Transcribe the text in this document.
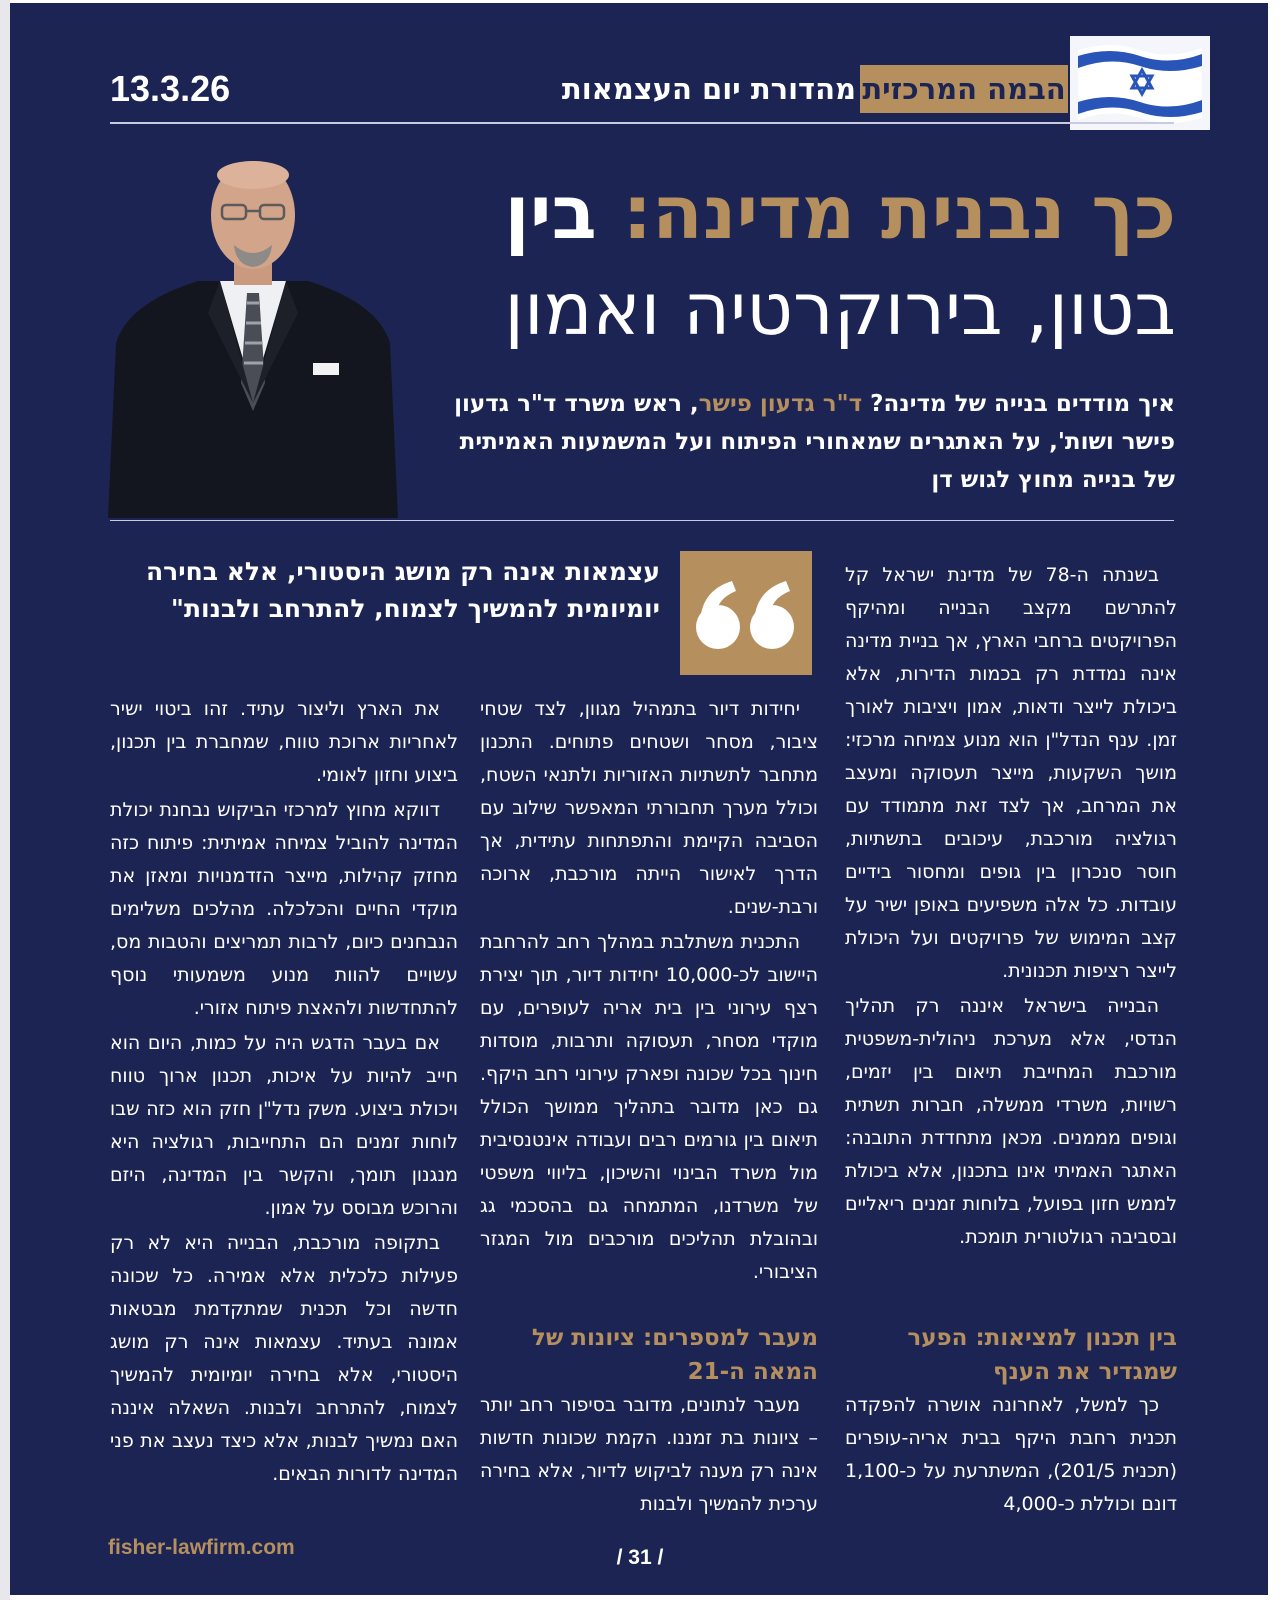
הבמה המרכזית
מהדורת יום העצמאות
13.3.26
כך נבנית מדינה: בין
בטון, בירוקרטיה ואמון
איך מודדים בנייה של מדינה? ד"ר גדעון פישר, ראש משרד ד"ר גדעון פישר ושות', על האתגרים שמאחורי הפיתוח ועל המשמעות האמיתית של בנייה מחוץ לגוש דן
עצמאות אינה רק מושג היסטורי, אלא בחירה יומיומית להמשיך לצמוח, להתרחב ולבנות"

בשנתה ה-78 של מדינת ישראל קל להתרשם מקצב הבנייה ומהיקף הפרויקטים ברחבי הארץ, אך בניית מדינה אינה נמדדת רק בכמות הדירות, אלא ביכולת לייצר ודאות, אמון ויציבות לאורך זמן. ענף הנדל"ן הוא מנוע צמיחה מרכזי: מושך השקעות, מייצר תעסוקה ומעצב את המרחב, אך לצד זאת מתמודד עם רגולציה מורכבת, עיכובים בתשתיות, חוסר סנכרון בין גופים ומחסור בידיים עובדות. כל אלה משפיעים באופן ישיר על קצב המימוש של פרויקטים ועל היכולת לייצר רציפות תכנונית.

הבנייה בישראל איננה רק תהליך הנדסי, אלא מערכת ניהולית-משפטית מורכבת המחייבת תיאום בין יזמים, רשויות, משרדי ממשלה, חברות תשתית וגופים מממנים. מכאן מתחדדת התובנה: האתגר האמיתי אינו בתכנון, אלא ביכולת לממש חזון בפועל, בלוחות זמנים ריאליים ובסביבה רגולטורית תומכת.

בין תכנון למציאות: הפער שמגדיר את הענף

כך למשל, לאחרונה אושרה להפקדה תכנית רחבת היקף בבית אריה-עופרים (תכנית 201/5), המשתרעת על כ-1,100 דונם וכוללת כ-4,000

יחידות דיור בתמהיל מגוון, לצד שטחי ציבור, מסחר ושטחים פתוחים. התכנון מתחבר לתשתיות האזוריות ולתנאי השטח, וכולל מערך תחבורתי המאפשר שילוב עם הסביבה הקיימת והתפתחות עתידית, אך הדרך לאישור הייתה מורכבת, ארוכה ורבת-שנים.

התכנית משתלבת במהלך רחב להרחבת היישוב לכ-10,000 יחידות דיור, תוך יצירת רצף עירוני בין בית אריה לעופרים, עם מוקדי מסחר, תעסוקה ותרבות, מוסדות חינוך בכל שכונה ופארק עירוני רחב היקף. גם כאן מדובר בתהליך ממושך הכולל תיאום בין גורמים רבים ועבודה אינטנסיבית מול משרד הבינוי והשיכון, בליווי משפטי של משרדנו, המתמחה גם בהסכמי גג ובהובלת תהליכים מורכבים מול המגזר הציבורי.

מעבר למספרים: ציונות של המאה ה-21

מעבר לנתונים, מדובר בסיפור רחב יותר – ציונות בת זמננו. הקמת שכונות חדשות אינה רק מענה לביקוש לדיור, אלא בחירה ערכית להמשיך ולבנות

את הארץ וליצור עתיד. זהו ביטוי ישיר לאחריות ארוכת טווח, שמחברת בין תכנון, ביצוע וחזון לאומי.

דווקא מחוץ למרכזי הביקוש נבחנת יכולת המדינה להוביל צמיחה אמיתית: פיתוח כזה מחזק קהילות, מייצר הזדמנויות ומאזן את מוקדי החיים והכלכלה. מהלכים משלימים הנבחנים כיום, לרבות תמריצים והטבות מס, עשויים להוות מנוע משמעותי נוסף להתחדשות ולהאצת פיתוח אזורי.

אם בעבר הדגש היה על כמות, היום הוא חייב להיות על איכות, תכנון ארוך טווח ויכולת ביצוע. משק נדל"ן חזק הוא כזה שבו לוחות זמנים הם התחייבות, רגולציה היא מנגנון תומך, והקשר בין המדינה, היזם והרוכש מבוסס על אמון.

בתקופה מורכבת, הבנייה היא לא רק פעילות כלכלית אלא אמירה. כל שכונה חדשה וכל תכנית שמתקדמת מבטאות אמונה בעתיד. עצמאות אינה רק מושג היסטורי, אלא בחירה יומיומית להמשיך לצמוח, להתרחב ולבנות. השאלה איננה האם נמשיך לבנות, אלא כיצד נעצב את פני המדינה לדורות הבאים.

fisher-lawfirm.com	/ 31 /
